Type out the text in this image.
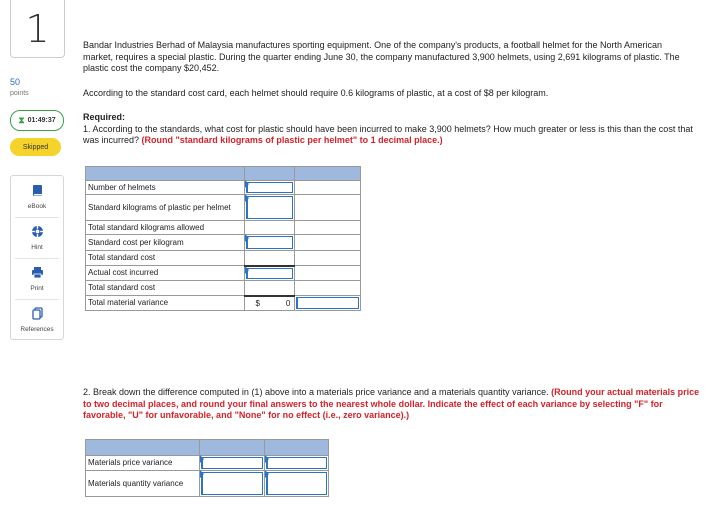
1
50
points
⧗ 01:49:37
Skipped
eBook
Hint
Print
References

Bandar Industries Berhad of Malaysia manufactures sporting equipment. One of the company's products, a football helmet for the North American market, requires a special plastic. During the quarter ending June 30, the company manufactured 3,900 helmets, using 2,691 kilograms of plastic. The plastic cost the company $20,452.

According to the standard cost card, each helmet should require 0.6 kilograms of plastic, at a cost of $8 per kilogram.

Required:
1. According to the standards, what cost for plastic should have been incurred to make 3,900 helmets? How much greater or less is this than the cost that was incurred? (Round "standard kilograms of plastic per helmet" to 1 decimal place.)
2. Break down the difference computed in (1) above into a materials price variance and a materials quantity variance. (Round your actual materials price to two decimal places, and round your final answers to the nearest whole dollar. Indicate the effect of each variance by selecting "F" for favorable, "U" for unfavorable, and "None" for no effect (i.e., zero variance).)

Number of helmets	

Standard kilograms of plastic per helmet	

Total standard kilograms allowed		
Standard cost per kilogram	

Total standard cost		
Actual cost incurred	

Total standard cost		
Total material variance	$ 0	

Materials price variance	

Materials quantity variance	
